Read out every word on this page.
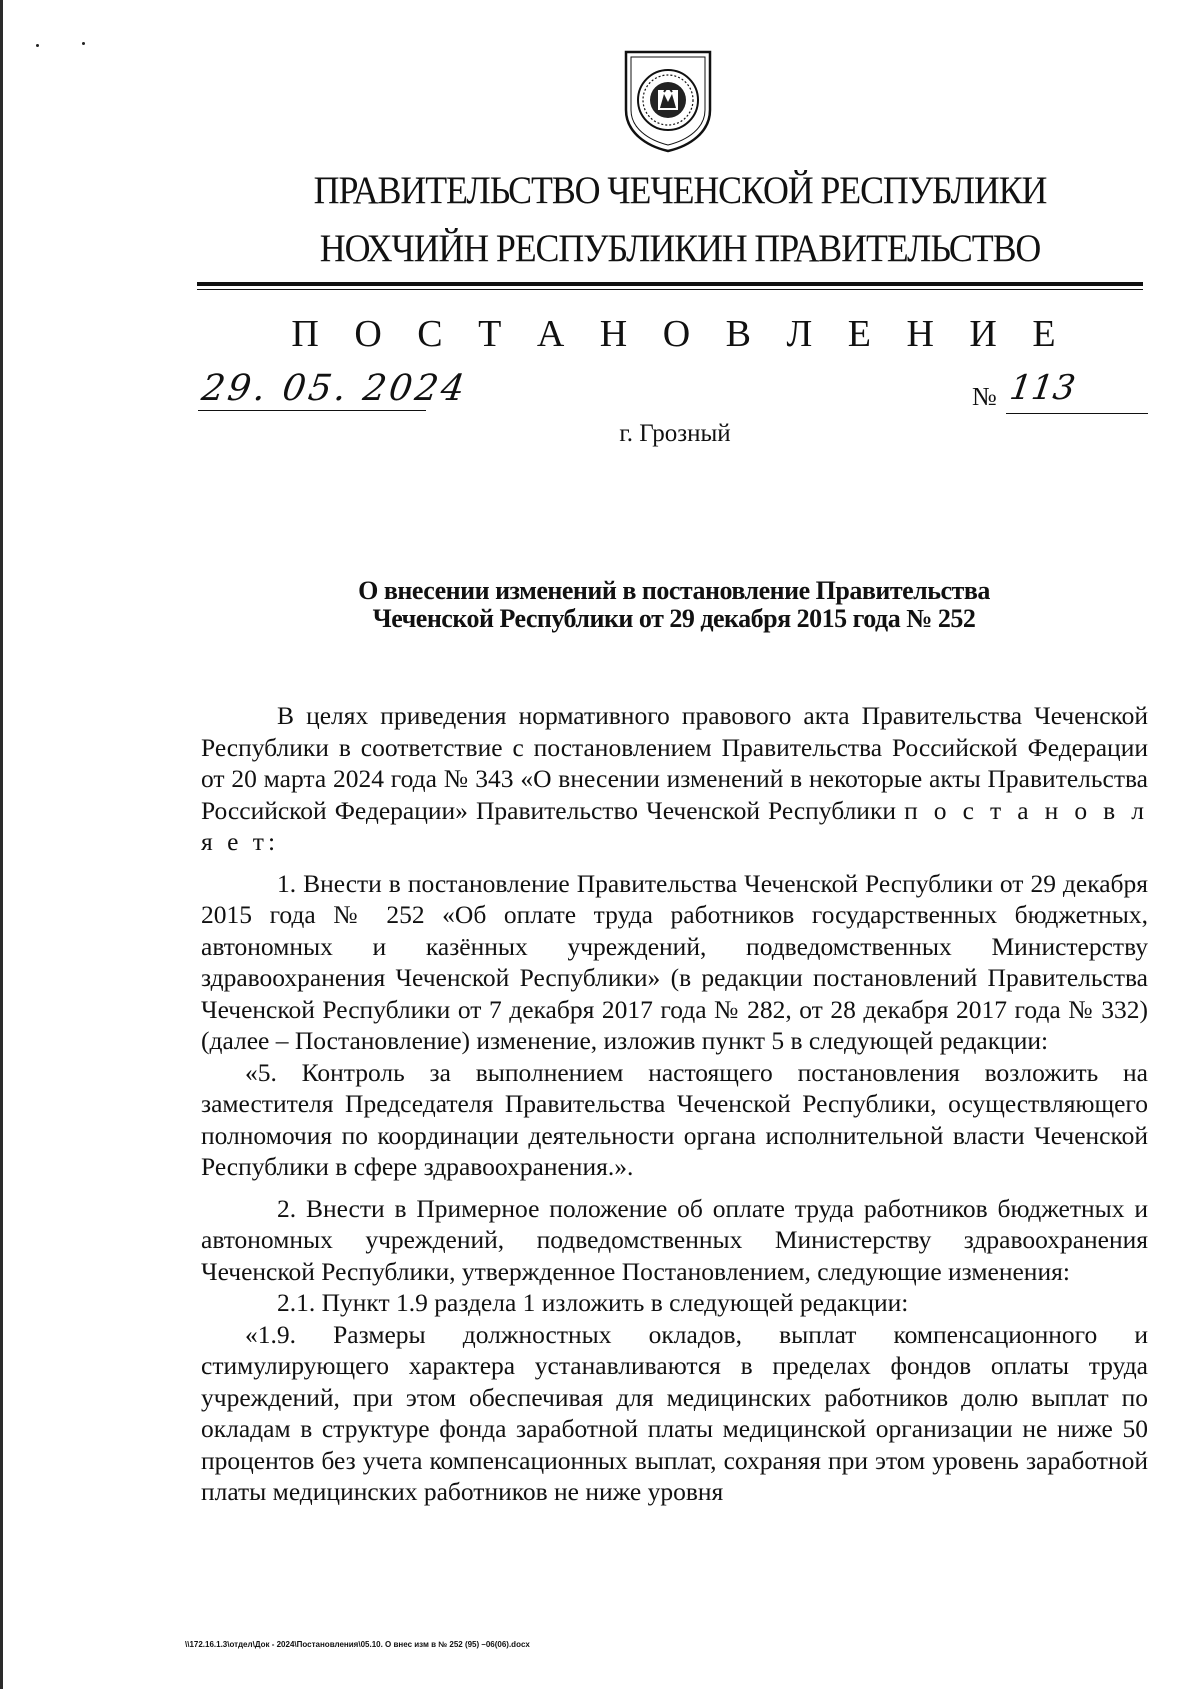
ПРАВИТЕЛЬСТВО ЧЕЧЕНСКОЙ РЕСПУБЛИКИ
НОХЧИЙН РЕСПУБЛИКИН ПРАВИТЕЛЬСТВО
П О С Т А Н О В Л Е Н И Е
29. 05. 2024	№ 113
г. Грозный
О внесении изменений в постановление Правительства
Чеченской Республики от 29 декабря 2015 года № 252

В целях приведения нормативного правового акта Правительства Чеченской Республики в соответствие с постановлением Правительства Российской Федерации от 20 марта 2024 года № 343 «О внесении изменений в некоторые акты Правительства Российской Федерации» Правительство Чеченской Республики п о с т а н о в л я е т:

1. Внести в постановление Правительства Чеченской Республики от 29 декабря 2015 года № 252 «Об оплате труда работников государственных бюджетных, автономных и казённых учреждений, подведомственных Министерству здравоохранения Чеченской Республики» (в редакции постановлений Правительства Чеченской Республики от 7 декабря 2017 года № 282, от 28 декабря 2017 года № 332) (далее – Постановление) изменение, изложив пункт 5 в следующей редакции:

«5. Контроль за выполнением настоящего постановления возложить на заместителя Председателя Правительства Чеченской Республики, осуществляющего полномочия по координации деятельности органа исполнительной власти Чеченской Республики в сфере здравоохранения.».

2. Внести в Примерное положение об оплате труда работников бюджетных и автономных учреждений, подведомственных Министерству здравоохранения Чеченской Республики, утвержденное Постановлением, следующие изменения:

2.1. Пункт 1.9 раздела 1 изложить в следующей редакции:

«1.9. Размеры должностных окладов, выплат компенсационного и стимулирующего характера устанавливаются в пределах фондов оплаты труда учреждений, при этом обеспечивая для медицинских работников долю выплат по окладам в структуре фонда заработной платы медицинской организации не ниже 50 процентов без учета компенсационных выплат, сохраняя при этом уровень заработной платы медицинских работников не ниже уровня

\\172.16.1.3\отдел\Док - 2024\Постановления\05.10. О внес изм в № 252 (95) –06(06).docx
